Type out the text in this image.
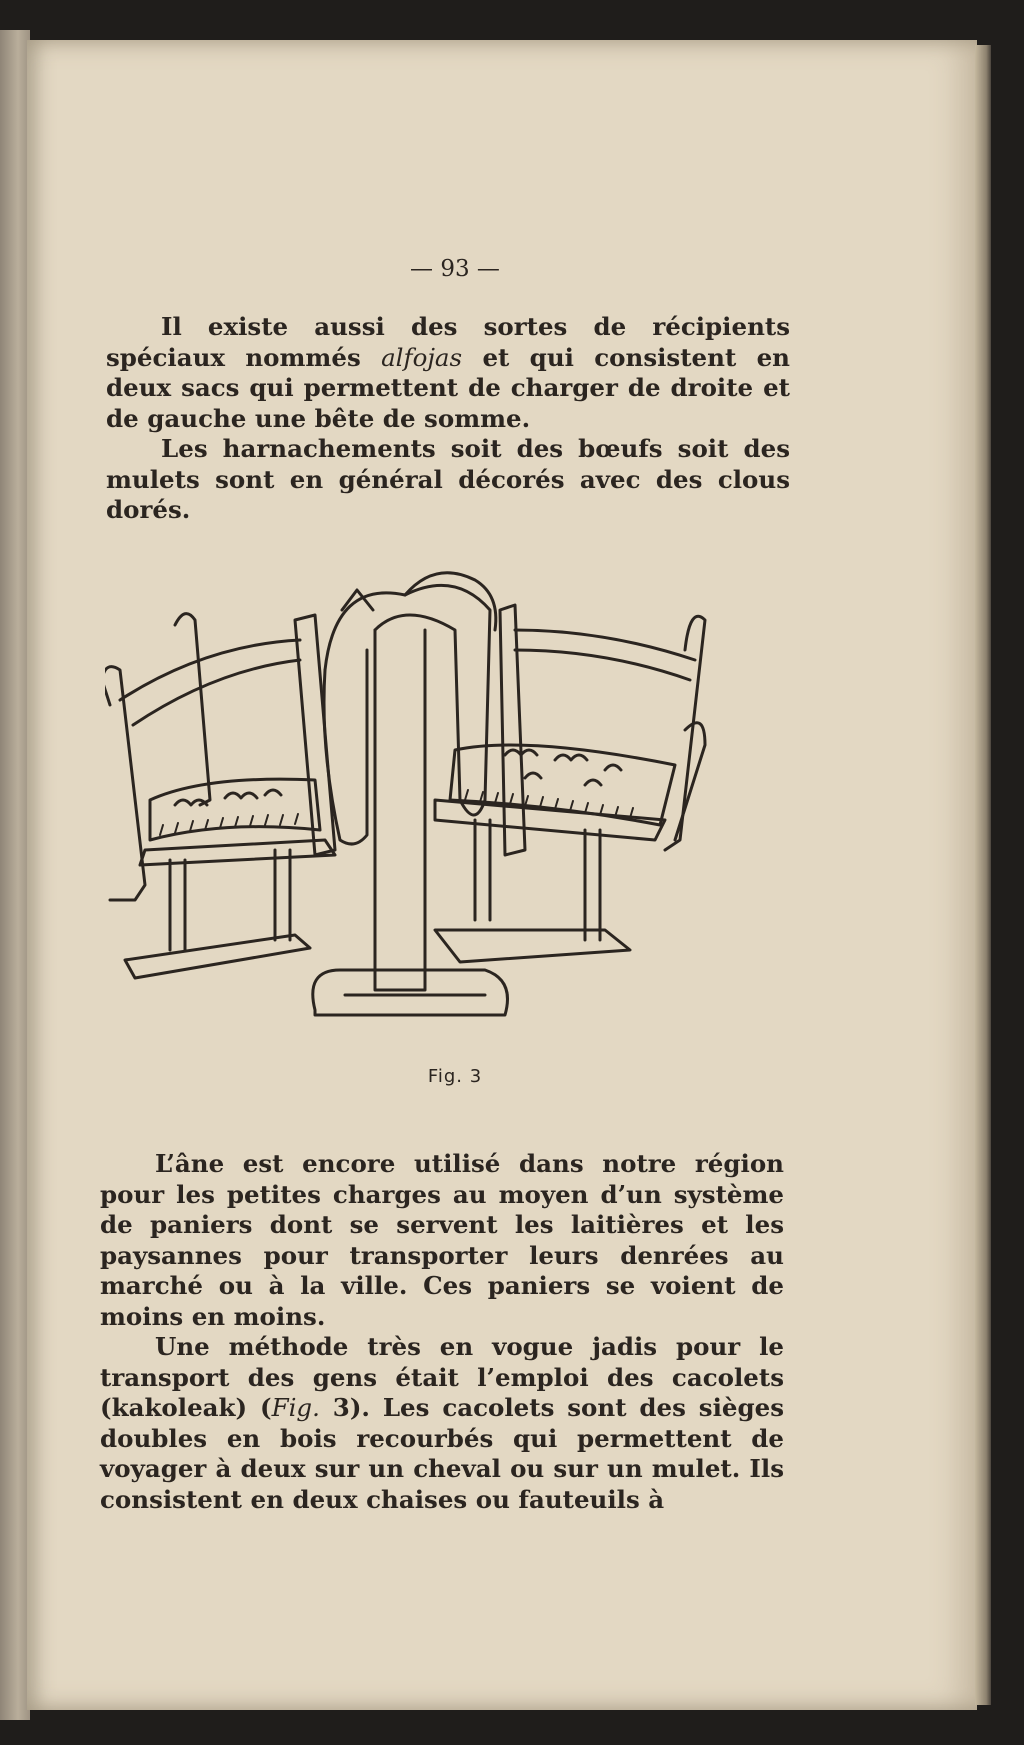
— 93 —

Il existe aussi des sortes de récipients spéciaux nommés alfojas et qui consistent en deux sacs qui permettent de charger de droite et de gauche une bête de somme.

Les harnachements soit des bœufs soit des mulets sont en général décorés avec des clous dorés.

Fig. 3

L’âne est encore utilisé dans notre région pour les petites charges au moyen d’un système de paniers dont se servent les laitières et les paysannes pour transporter leurs denrées au marché ou à la ville. Ces paniers se voient de moins en moins.

Une méthode très en vogue jadis pour le transport des gens était l’emploi des cacolets (kakoleak) (Fig. 3). Les cacolets sont des sièges doubles en bois recourbés qui permettent de voyager à deux sur un cheval ou sur un mulet. Ils consistent en deux chaises ou fauteuils à
